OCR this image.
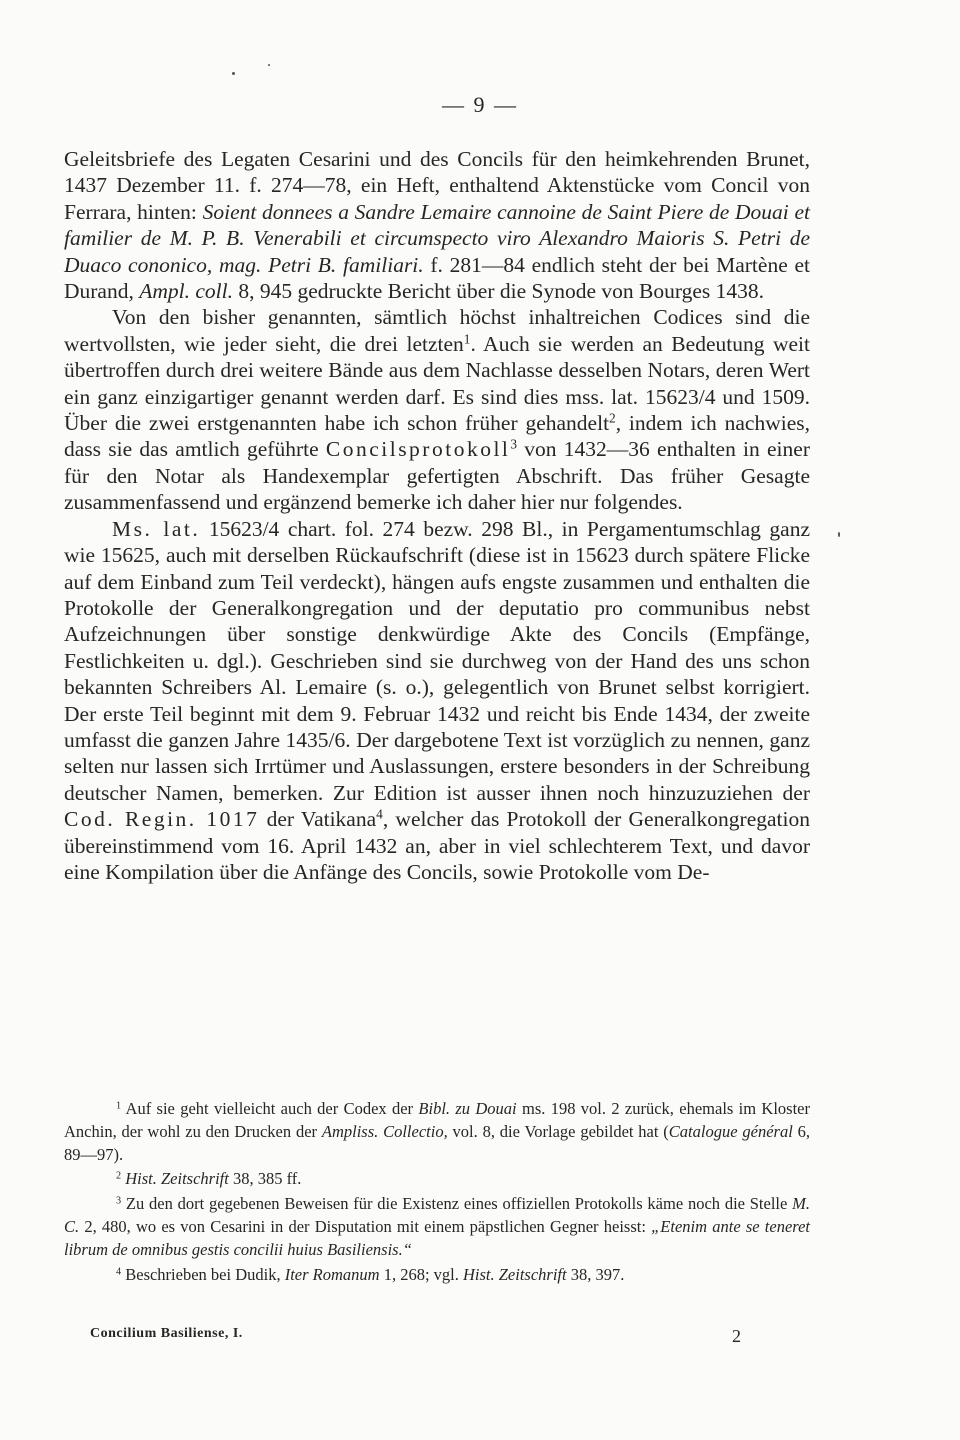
— 9 —

Geleitsbriefe des Legaten Cesarini und des Concils für den heimkehrenden Brunet, 1437 Dezember 11. f. 274—78, ein Heft, enthaltend Aktenstücke vom Concil von Ferrara, hinten: Soient donnees a Sandre Lemaire cannoine de Saint Piere de Douai et familier de M. P. B. Venerabili et circumspecto viro Alexandro Maioris S. Petri de Duaco cononico, mag. Petri B. familiari. f. 281—84 endlich steht der bei Martène et Durand, Ampl. coll. 8, 945 gedruckte Bericht über die Synode von Bourges 1438.

Von den bisher genannten, sämtlich höchst inhaltreichen Codices sind die wertvollsten, wie jeder sieht, die drei letzten$^1$. Auch sie werden an Bedeutung weit übertroffen durch drei weitere Bände aus dem Nachlasse desselben Notars, deren Wert ein ganz einzigartiger genannt werden darf. Es sind dies mss. lat. 15623/4 und 1509. Über die zwei erstgenannten habe ich schon früher gehandelt$^2$, indem ich nachwies, dass sie das amtlich geführte Concilsprotokoll$^3$ von 1432—36 enthalten in einer für den Notar als Handexemplar gefertigten Abschrift. Das früher Gesagte zusammenfassend und ergänzend bemerke ich daher hier nur folgendes.

Ms. lat. 15623/4 chart. fol. 274 bezw. 298 Bl., in Pergamentumschlag ganz wie 15625, auch mit derselben Rückaufschrift (diese ist in 15623 durch spätere Flicke auf dem Einband zum Teil verdeckt), hängen aufs engste zusammen und enthalten die Protokolle der Generalkongregation und der deputatio pro communibus nebst Aufzeichnungen über sonstige denkwürdige Akte des Concils (Empfänge, Festlichkeiten u. dgl.). Geschrieben sind sie durchweg von der Hand des uns schon bekannten Schreibers Al. Lemaire (s. o.), gelegentlich von Brunet selbst korrigiert. Der erste Teil beginnt mit dem 9. Februar 1432 und reicht bis Ende 1434, der zweite umfasst die ganzen Jahre 1435/6. Der dargebotene Text ist vorzüglich zu nennen, ganz selten nur lassen sich Irrtümer und Auslassungen, erstere besonders in der Schreibung deutscher Namen, bemerken. Zur Edition ist ausser ihnen noch hinzuzuziehen der Cod. Regin. 1017 der Vatikana$^4$, welcher das Protokoll der Generalkongregation übereinstimmend vom 16. April 1432 an, aber in viel schlechterem Text, und davor eine Kompilation über die Anfänge des Concils, sowie Protokolle vom De-

$^1$ Auf sie geht vielleicht auch der Codex der Bibl. zu Douai ms. 198 vol. 2 zurück, ehemals im Kloster Anchin, der wohl zu den Drucken der Ampliss. Collectio, vol. 8, die Vorlage gebildet hat (Catalogue général 6, 89—97).

$^2$ Hist. Zeitschrift 38, 385 ff.

$^3$ Zu den dort gegebenen Beweisen für die Existenz eines offiziellen Protokolls käme noch die Stelle M. C. 2, 480, wo es von Cesarini in der Disputation mit einem päpstlichen Gegner heisst: „Etenim ante se teneret librum de omnibus gestis concilii huius Basiliensis.“

$^4$ Beschrieben bei Dudik, Iter Romanum 1, 268; vgl. Hist. Zeitschrift 38, 397.

Concilium Basiliense, I.	2
